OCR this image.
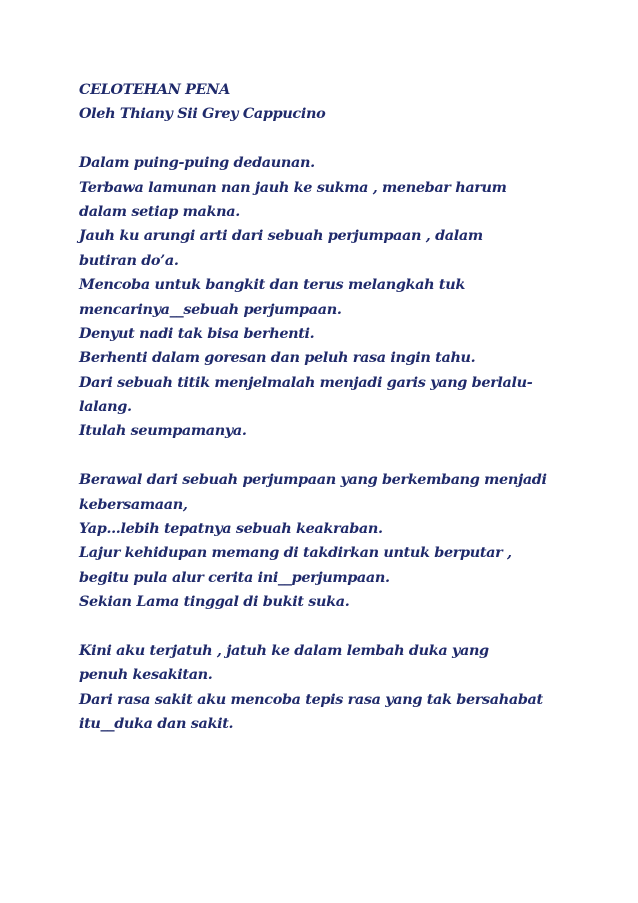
CELOTEHAN PENA
Oleh Thiany Sii Grey Cappucino
Dalam puing-puing dedaunan.
Terbawa lamunan nan jauh ke sukma , menebar harum
dalam setiap makna.
Jauh ku arungi arti dari sebuah perjumpaan , dalam
butiran do’a.
Mencoba untuk bangkit dan terus melangkah tuk
mencarinya__sebuah perjumpaan.
Denyut nadi tak bisa berhenti.
Berhenti dalam goresan dan peluh rasa ingin tahu.
Dari sebuah titik menjelmalah menjadi garis yang berlalu-
lalang.
Itulah seumpamanya.
Berawal dari sebuah perjumpaan yang berkembang menjadi
kebersamaan,
Yap...lebih tepatnya sebuah keakraban.
Lajur kehidupan memang di takdirkan untuk berputar ,
begitu pula alur cerita ini__perjumpaan.
Sekian Lama tinggal di bukit suka.
Kini aku terjatuh , jatuh ke dalam lembah duka yang
penuh kesakitan.
Dari rasa sakit aku mencoba tepis rasa yang tak bersahabat
itu__duka dan sakit.
